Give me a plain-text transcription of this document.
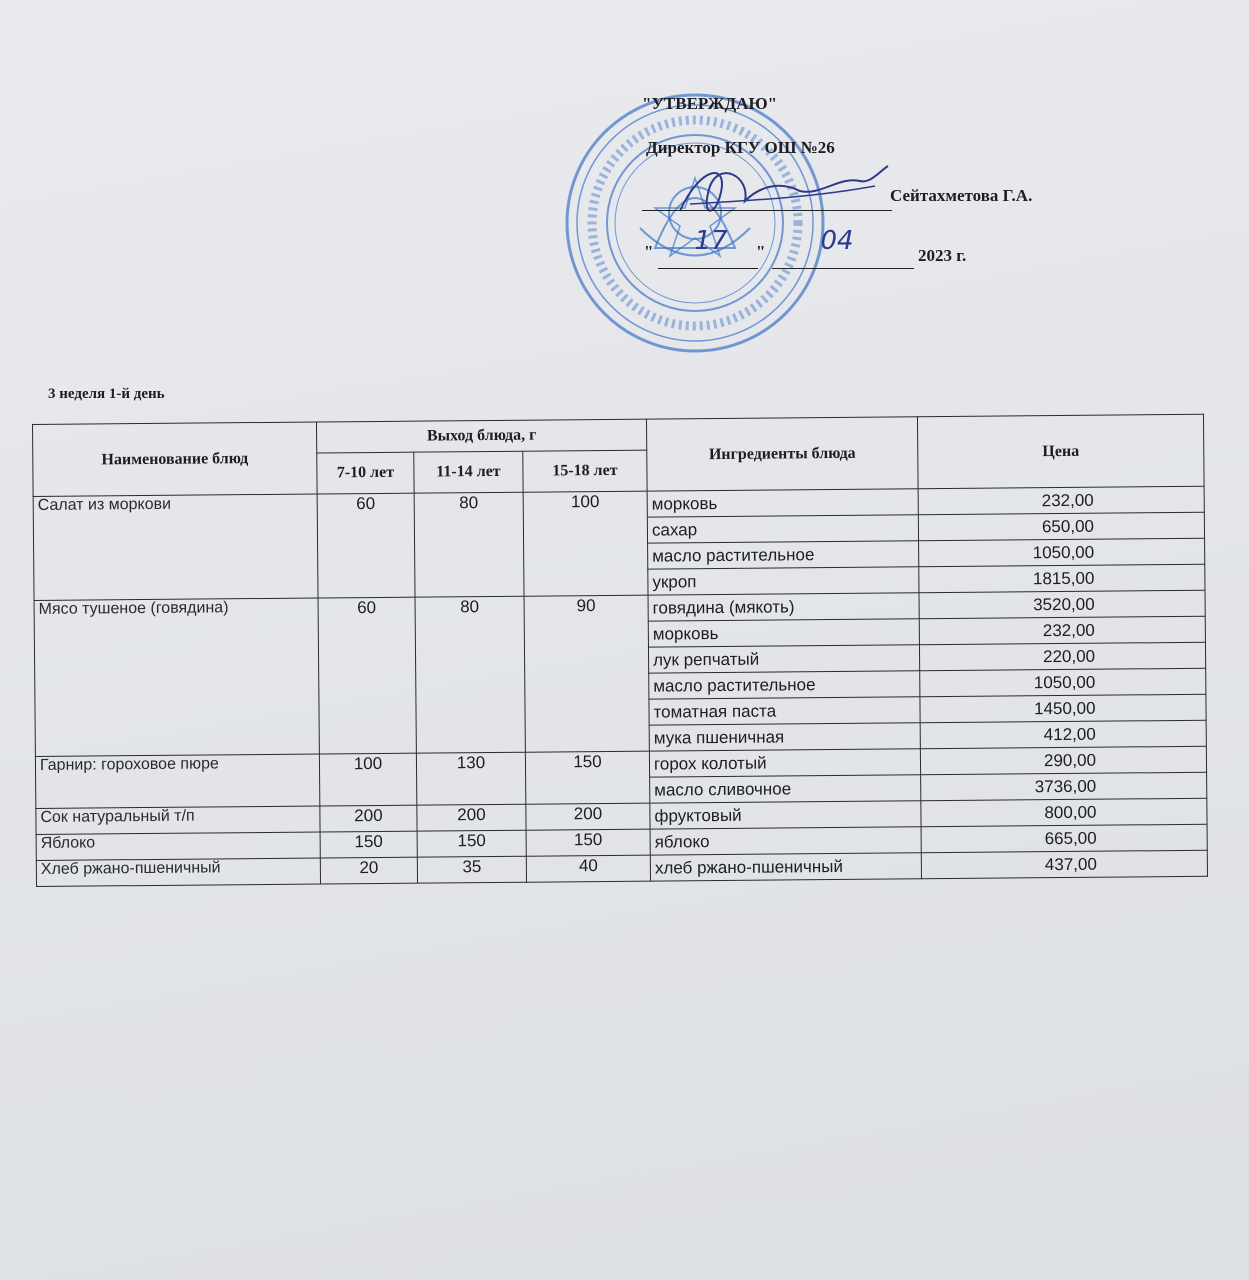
"УТВЕРЖДАЮ"
Директор КГУ ОШ №26
Сейтахметова Г.А.
"	17	"	04	2023 г.
3 неделя 1-й день
Наименование блюд	Выход блюда, г			Ингредиенты блюда	Цена
	7-10 лет	11-14 лет	15-18 лет		
Салат из моркови	60	80	100	морковь	232,00
				сахар	650,00
				масло растительное	1050,00
				укроп	1815,00
Мясо тушеное (говядина)	60	80	90	говядина (мякоть)	3520,00
				морковь	232,00
				лук репчатый	220,00
				масло растительное	1050,00
				томатная паста	1450,00
				мука пшеничная	412,00
Гарнир: гороховое пюре	100	130	150	горох колотый	290,00
				масло сливочное	3736,00
Сок натуральный т/п	200	200	200	фруктовый	800,00
Яблоко	150	150	150	яблоко	665,00
Хлеб ржано-пшеничный	20	35	40	хлеб ржано-пшеничный	437,00
